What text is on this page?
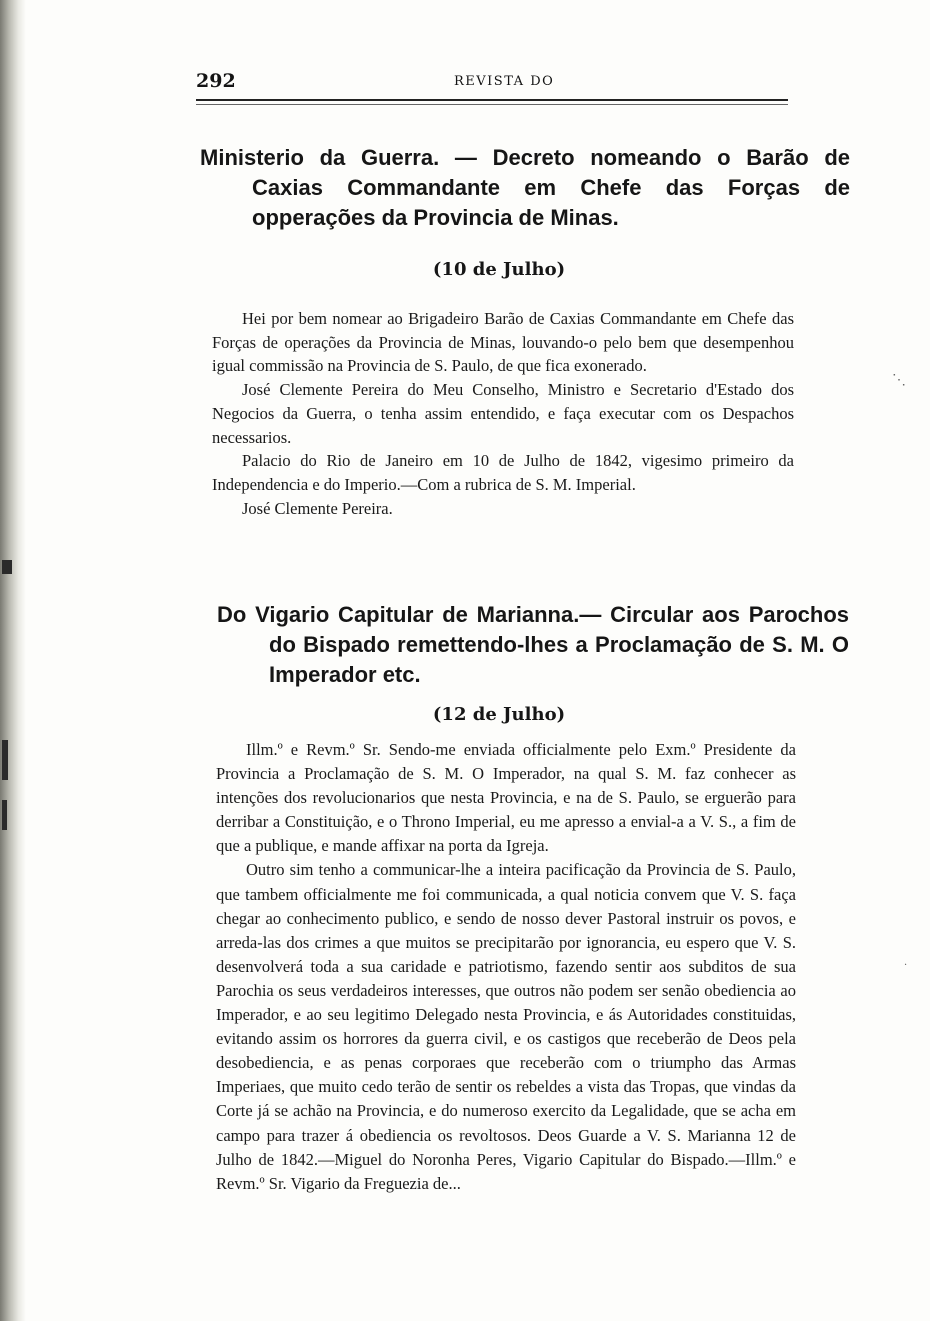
292	REVISTA DO
Ministerio da Guerra. — Decreto nomeando o Barão de Caxias Commandante em Chefe das Forças de opperações da Provincia de Minas.

(10 de Julho)

Hei por bem nomear ao Brigadeiro Barão de Caxias Commandante em Chefe das Forças de operações da Provincia de Minas, louvando-o pelo bem que desempenhou igual commissão na Provincia de S. Paulo, de que fica exonerado.

José Clemente Pereira do Meu Conselho, Ministro e Secretario d'Estado dos Negocios da Guerra, o tenha assim entendido, e faça executar com os Despachos necessarios.

Palacio do Rio de Janeiro em 10 de Julho de 1842, vigesimo primeiro da Independencia e do Imperio.—Com a rubrica de S. M. Imperial.

José Clemente Pereira.

Do Vigario Capitular de Marianna.— Circular aos Parochos do Bispado remettendo-lhes a Proclamação de S. M. O Imperador etc.

(12 de Julho)

Illm.º e Revm.º Sr. Sendo-me enviada officialmente pelo Exm.º Presidente da Provincia a Proclamação de S. M. O Imperador, na qual S. M. faz conhecer as intenções dos revolucionarios que nesta Provincia, e na de S. Paulo, se erguerão para derribar a Constituição, e o Throno Imperial, eu me apresso a envial-a a V. S., a fim de que a publique, e mande affixar na porta da Igreja.

Outro sim tenho a communicar-lhe a inteira pacificação da Provincia de S. Paulo, que tambem officialmente me foi communicada, a qual noticia convem que V. S. faça chegar ao conhecimento publico, e sendo de nosso dever Pastoral instruir os povos, e arreda-las dos crimes a que muitos se precipitarão por ignorancia, eu espero que V. S. desenvolverá toda a sua caridade e patriotismo, fazendo sentir aos subditos de sua Parochia os seus verdadeiros interesses, que outros não podem ser senão obediencia ao Imperador, e ao seu legitimo Delegado nesta Provincia, e ás Autoridades constituidas, evitando assim os horrores da guerra civil, e os castigos que receberão de Deos pela desobediencia, e as penas corporaes que receberão com o triumpho das Armas Imperiaes, que muito cedo terão de sentir os rebeldes a vista das Tropas, que vindas da Corte já se achão na Provincia, e do numeroso exercito da Legalidade, que se acha em campo para trazer á obediencia os revoltosos. Deos Guarde a V. S. Marianna 12 de Julho de 1842.—Miguel do Noronha Peres, Vigario Capitular do Bispado.—Illm.º e Revm.º Sr. Vigario da Freguezia de...

⋱
·
